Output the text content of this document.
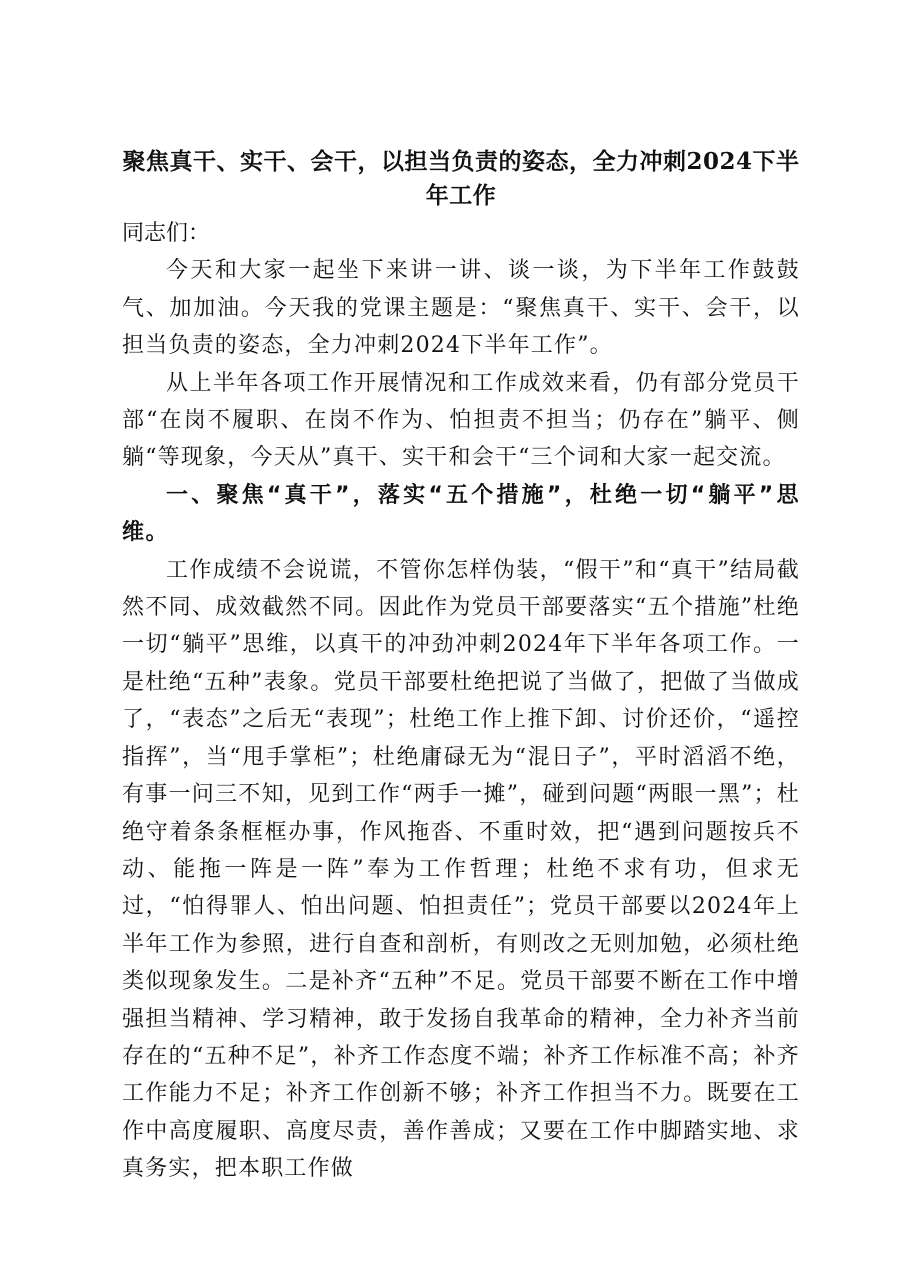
聚焦真干、实干、会干，以担当负责的姿态，全力冲刺2024下半年工作

同志们：

今天和大家一起坐下来讲一讲、谈一谈，为下半年工作鼓鼓气、加加油。今天我的党课主题是：“聚焦真干、实干、会干，以担当负责的姿态，全力冲刺2024下半年工作”。

从上半年各项工作开展情况和工作成效来看，仍有部分党员干部“在岗不履职、在岗不作为、怕担责不担当；仍存在”躺平、侧躺“等现象，今天从”真干、实干和会干“三个词和大家一起交流。

一、聚焦“真干”，落实“五个措施”，杜绝一切“躺平”思维。

工作成绩不会说谎，不管你怎样伪装，“假干”和“真干”结局截然不同、成效截然不同。因此作为党员干部要落实“五个措施”杜绝一切“躺平”思维，以真干的冲劲冲刺2024年下半年各项工作。一是杜绝“五种”表象。党员干部要杜绝把说了当做了，把做了当做成了，“表态”之后无“表现”；杜绝工作上推下卸、讨价还价，“遥控指挥”，当“甩手掌柜”；杜绝庸碌无为“混日子”，平时滔滔不绝，有事一问三不知，见到工作“两手一摊”，碰到问题“两眼一黑”；杜绝守着条条框框办事，作风拖沓、不重时效，把“遇到问题按兵不动、能拖一阵是一阵”奉为工作哲理；杜绝不求有功，但求无过，“怕得罪人、怕出问题、怕担责任”；党员干部要以2024年上半年工作为参照，进行自查和剖析，有则改之无则加勉，必须杜绝类似现象发生。二是补齐“五种”不足。党员干部要不断在工作中增强担当精神、学习精神，敢于发扬自我革命的精神，全力补齐当前存在的“五种不足”，补齐工作态度不端；补齐工作标准不高；补齐工作能力不足；补齐工作创新不够；补齐工作担当不力。既要在工作中高度履职、高度尽责，善作善成；又要在工作中脚踏实地、求真务实，把本职工作做
